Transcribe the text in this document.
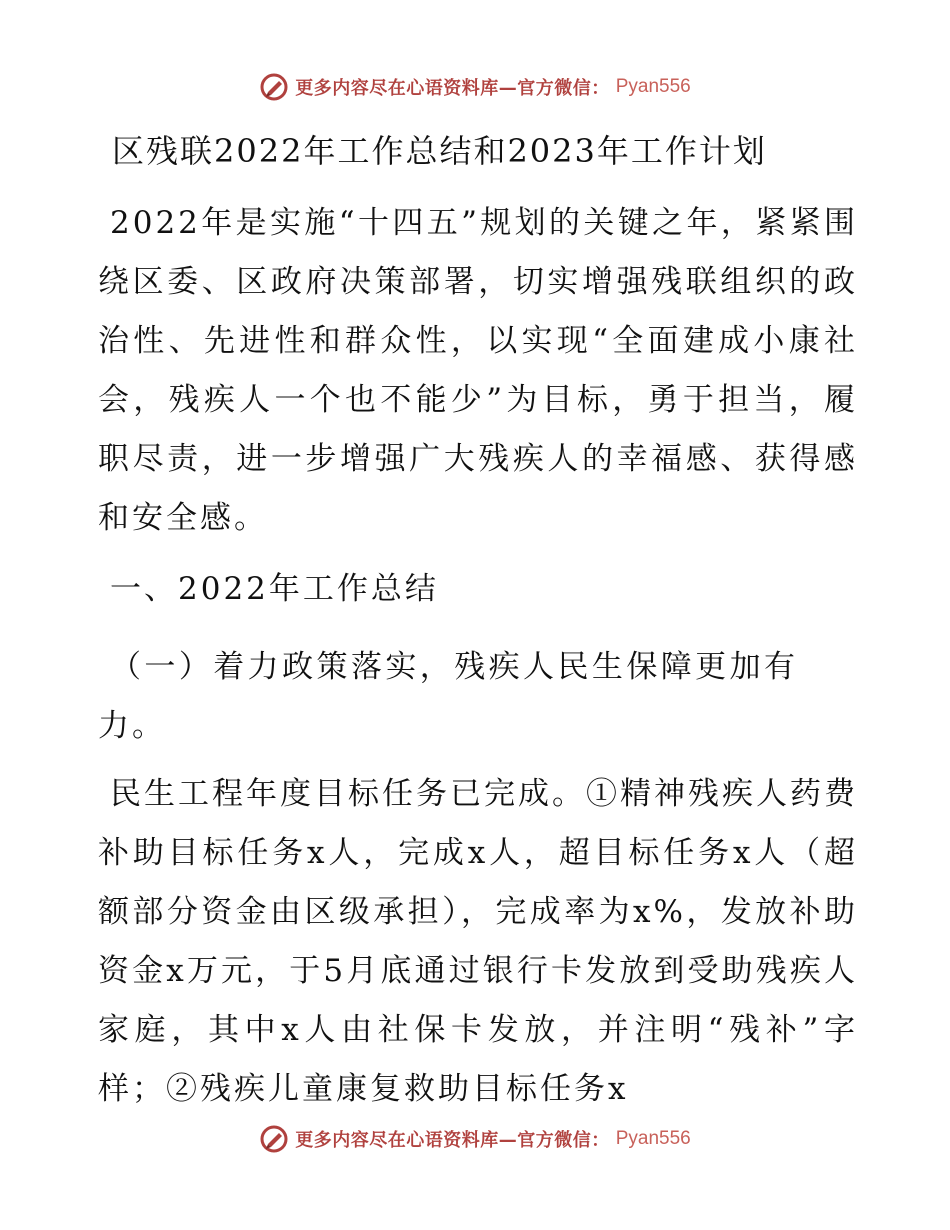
更多内容尽在心语资料库—官方微信： Pyan556
区残联2022年工作总结和2023年工作计划
2022年是实施“十四五”规划的关键之年，紧紧围绕区委、区政府决策部署，切实增强残联组织的政治性、先进性和群众性，以实现“全面建成小康社会，残疾人一个也不能少”为目标，勇于担当，履职尽责，进一步增强广大残疾人的幸福感、获得感和安全感。
一、2022年工作总结
（一）着力政策落实，残疾人民生保障更加有力。
民生工程年度目标任务已完成。①精神残疾人药费补助目标任务x人，完成x人，超目标任务x人（超额部分资金由区级承担），完成率为x%，发放补助资金x万元，于5月底通过银行卡发放到受助残疾人家庭，其中x人由社保卡发放，并注明“残补”字样；②残疾儿童康复救助目标任务x
更多内容尽在心语资料库—官方微信： Pyan556
